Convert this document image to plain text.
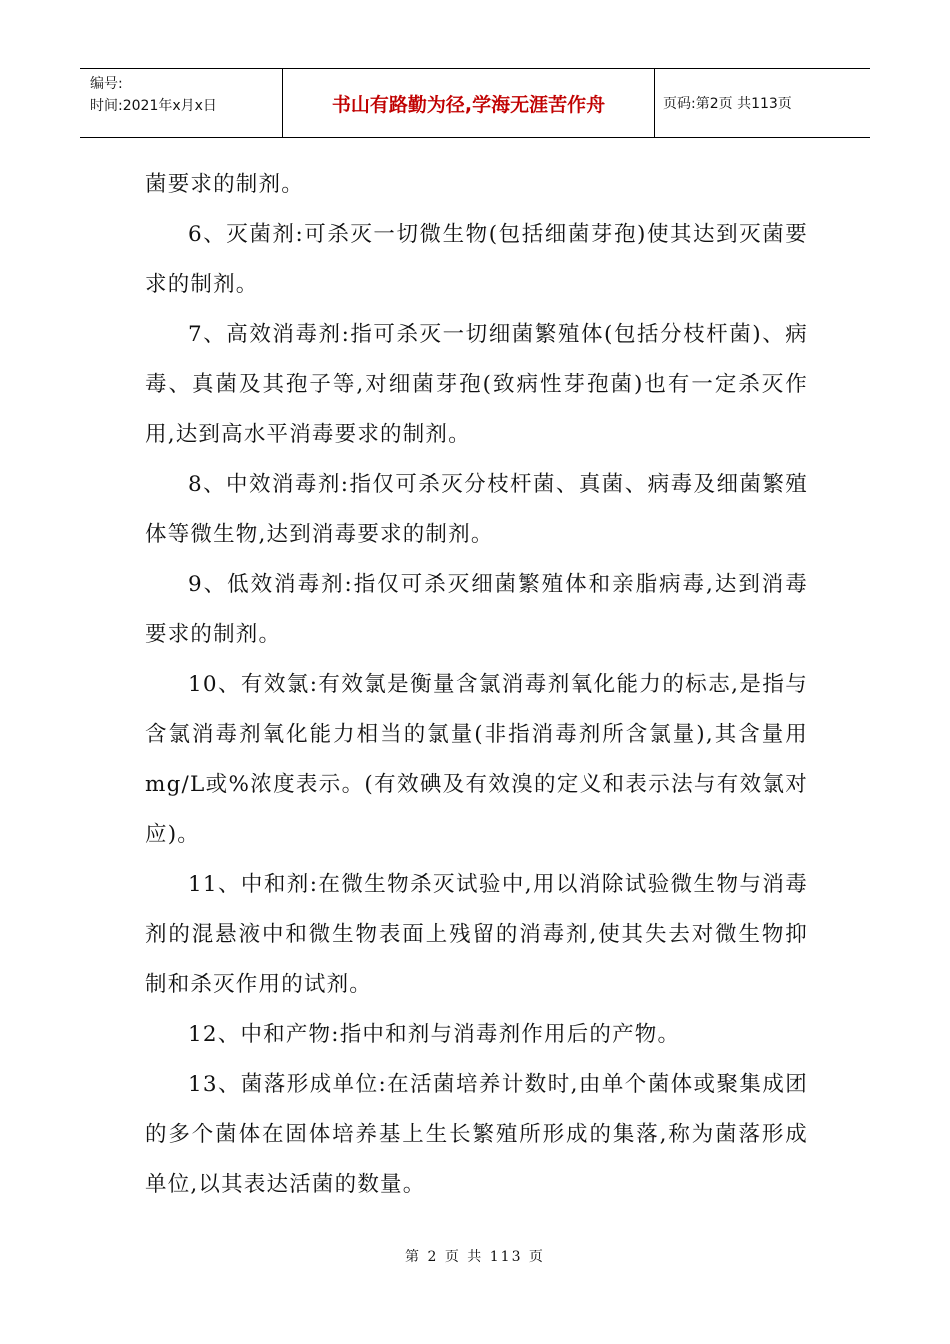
编号:
时间:2021年x月x日	书山有路勤为径,学海无涯苦作舟	页码:第2页 共113页

菌要求的制剂。

6、灭菌剂:可杀灭一切微生物(包括细菌芽孢)使其达到灭菌要求的制剂。

7、高效消毒剂:指可杀灭一切细菌繁殖体(包括分枝杆菌)、病毒、真菌及其孢子等,对细菌芽孢(致病性芽孢菌)也有一定杀灭作用,达到高水平消毒要求的制剂。

8、中效消毒剂:指仅可杀灭分枝杆菌、真菌、病毒及细菌繁殖体等微生物,达到消毒要求的制剂。

9、低效消毒剂:指仅可杀灭细菌繁殖体和亲脂病毒,达到消毒要求的制剂。

10、有效氯:有效氯是衡量含氯消毒剂氧化能力的标志,是指与含氯消毒剂氧化能力相当的氯量(非指消毒剂所含氯量),其含量用mg/L或%浓度表示。(有效碘及有效溴的定义和表示法与有效氯对应)。

11、中和剂:在微生物杀灭试验中,用以消除试验微生物与消毒剂的混悬液中和微生物表面上残留的消毒剂,使其失去对微生物抑制和杀灭作用的试剂。

12、中和产物:指中和剂与消毒剂作用后的产物。

13、菌落形成单位:在活菌培养计数时,由单个菌体或聚集成团的多个菌体在固体培养基上生长繁殖所形成的集落,称为菌落形成单位,以其表达活菌的数量。

第 2 页 共 113 页
